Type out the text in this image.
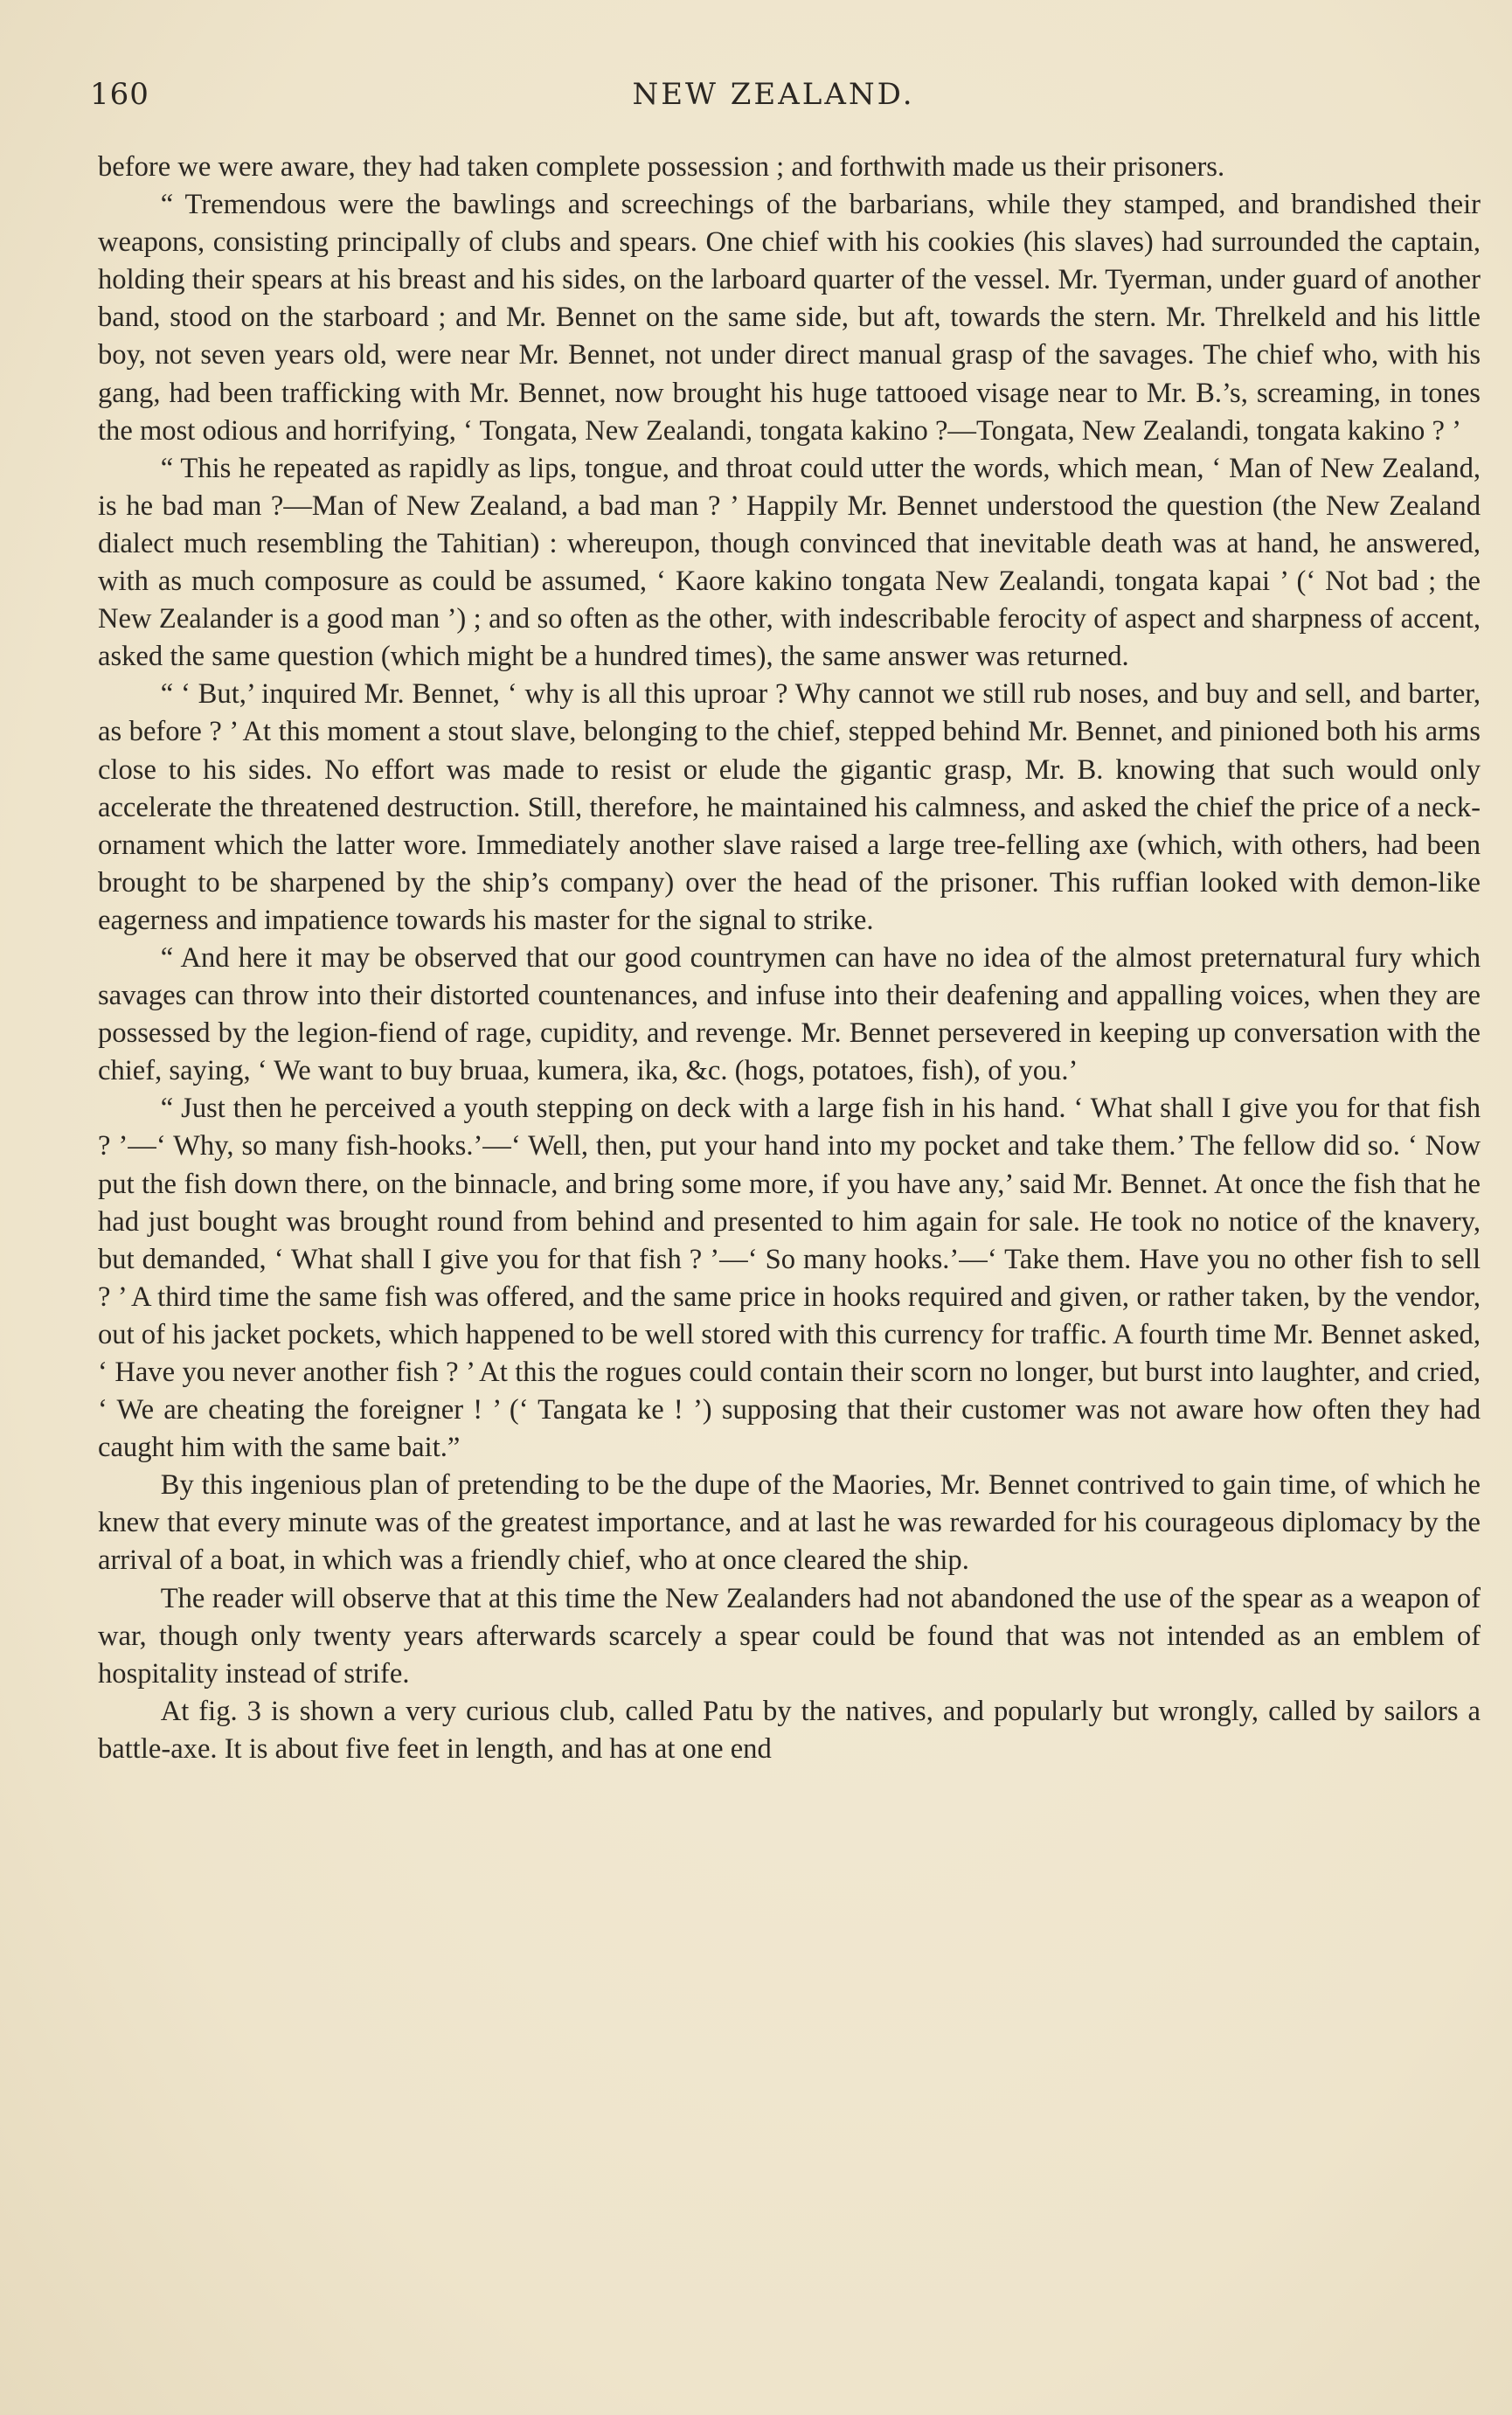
160	NEW ZEALAND.

before we were aware, they had taken complete possession ; and forthwith made us their prisoners.

“ Tremendous were the bawlings and screechings of the barbarians, while they stamped, and brandished their weapons, consisting principally of clubs and spears. One chief with his cookies (his slaves) had surrounded the captain, holding their spears at his breast and his sides, on the larboard quarter of the vessel. Mr. Tyerman, under guard of another band, stood on the starboard ; and Mr. Bennet on the same side, but aft, towards the stern. Mr. Threlkeld and his little boy, not seven years old, were near Mr. Bennet, not under direct manual grasp of the savages. The chief who, with his gang, had been trafficking with Mr. Bennet, now brought his huge tattooed visage near to Mr. B.’s, screaming, in tones the most odious and horrifying, ‘ Tongata, New Zealandi, tongata kakino ?—Tongata, New Zealandi, tongata kakino ? ’

“ This he repeated as rapidly as lips, tongue, and throat could utter the words, which mean, ‘ Man of New Zealand, is he bad man ?—Man of New Zealand, a bad man ? ’ Happily Mr. Bennet understood the question (the New Zealand dialect much resembling the Tahitian) : whereupon, though convinced that inevitable death was at hand, he answered, with as much composure as could be assumed, ‘ Kaore kakino tongata New Zealandi, tongata kapai ’ (‘ Not bad ; the New Zealander is a good man ’) ; and so often as the other, with indescribable ferocity of aspect and sharpness of accent, asked the same question (which might be a hundred times), the same answer was returned.

“ ‘ But,’ inquired Mr. Bennet, ‘ why is all this uproar ? Why cannot we still rub noses, and buy and sell, and barter, as before ? ’ At this moment a stout slave, belonging to the chief, stepped behind Mr. Bennet, and pinioned both his arms close to his sides. No effort was made to resist or elude the gigantic grasp, Mr. B. knowing that such would only accelerate the threatened destruction. Still, therefore, he maintained his calmness, and asked the chief the price of a neck-ornament which the latter wore. Immediately another slave raised a large tree-felling axe (which, with others, had been brought to be sharpened by the ship’s company) over the head of the prisoner. This ruffian looked with demon-like eagerness and impatience towards his master for the signal to strike.

“ And here it may be observed that our good countrymen can have no idea of the almost preternatural fury which savages can throw into their distorted countenances, and infuse into their deafening and appalling voices, when they are possessed by the legion-fiend of rage, cupidity, and revenge. Mr. Bennet persevered in keeping up conversation with the chief, saying, ‘ We want to buy bruaa, kumera, ika, &c. (hogs, potatoes, fish), of you.’

“ Just then he perceived a youth stepping on deck with a large fish in his hand. ‘ What shall I give you for that fish ? ’—‘ Why, so many fish-hooks.’—‘ Well, then, put your hand into my pocket and take them.’ The fellow did so. ‘ Now put the fish down there, on the binnacle, and bring some more, if you have any,’ said Mr. Bennet. At once the fish that he had just bought was brought round from behind and presented to him again for sale. He took no notice of the knavery, but demanded, ‘ What shall I give you for that fish ? ’—‘ So many hooks.’—‘ Take them. Have you no other fish to sell ? ’ A third time the same fish was offered, and the same price in hooks required and given, or rather taken, by the vendor, out of his jacket pockets, which happened to be well stored with this currency for traffic. A fourth time Mr. Bennet asked, ‘ Have you never another fish ? ’ At this the rogues could contain their scorn no longer, but burst into laughter, and cried, ‘ We are cheating the foreigner ! ’ (‘ Tangata ke ! ’) supposing that their customer was not aware how often they had caught him with the same bait.”

By this ingenious plan of pretending to be the dupe of the Maories, Mr. Bennet contrived to gain time, of which he knew that every minute was of the greatest importance, and at last he was rewarded for his courageous diplomacy by the arrival of a boat, in which was a friendly chief, who at once cleared the ship.

The reader will observe that at this time the New Zealanders had not abandoned the use of the spear as a weapon of war, though only twenty years afterwards scarcely a spear could be found that was not intended as an emblem of hospitality instead of strife.

At fig. 3 is shown a very curious club, called Patu by the natives, and popularly but wrongly, called by sailors a battle-axe. It is about five feet in length, and has at one end
